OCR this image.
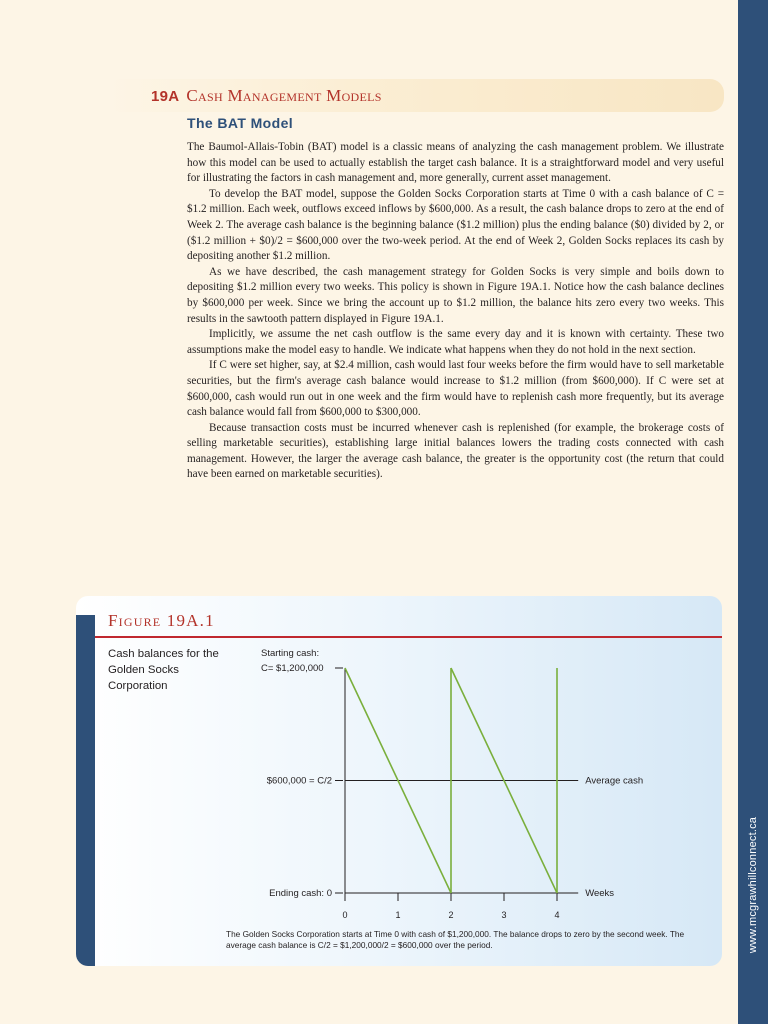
www.mcgrawhillconnect.ca
19A Cash Management Models
The BAT Model

The Baumol-Allais-Tobin (BAT) model is a classic means of analyzing the cash management problem. We illustrate how this model can be used to actually establish the target cash balance. It is a straightforward model and very useful for illustrating the factors in cash management and, more generally, current asset management.

To develop the BAT model, suppose the Golden Socks Corporation starts at Time 0 with a cash balance of C = $1.2 million. Each week, outflows exceed inflows by $600,000. As a result, the cash balance drops to zero at the end of Week 2. The average cash balance is the beginning balance ($1.2 million) plus the ending balance ($0) divided by 2, or ($1.2 million + $0)/2 = $600,000 over the two-week period. At the end of Week 2, Golden Socks replaces its cash by depositing another $1.2 million.

As we have described, the cash management strategy for Golden Socks is very simple and boils down to depositing $1.2 million every two weeks. This policy is shown in Figure 19A.1. Notice how the cash balance declines by $600,000 per week. Since we bring the account up to $1.2 million, the balance hits zero every two weeks. This results in the sawtooth pattern displayed in Figure 19A.1.

Implicitly, we assume the net cash outflow is the same every day and it is known with certainty. These two assumptions make the model easy to handle. We indicate what happens when they do not hold in the next section.

If C were set higher, say, at $2.4 million, cash would last four weeks before the firm would have to sell marketable securities, but the firm's average cash balance would increase to $1.2 million (from $600,000). If C were set at $600,000, cash would run out in one week and the firm would have to replenish cash more frequently, but its average cash balance would fall from $600,000 to $300,000.

Because transaction costs must be incurred whenever cash is replenished (for example, the brokerage costs of selling marketable securities), establishing large initial balances lowers the trading costs connected with cash management. However, the larger the average cash balance, the greater is the opportunity cost (the return that could have been earned on marketable securities).

Figure 19A.1
Cash balances for the Golden Socks Corporation
Average cash
Weeks
0	1	2	3	4
Starting cash:
C= $1,200,000
$600,000 = C/2
Ending cash: 0
The Golden Socks Corporation starts at Time 0 with cash of $1,200,000. The balance drops to zero by the second week. The average cash balance is C/2 = $1,200,000/2 = $600,000 over the period.
